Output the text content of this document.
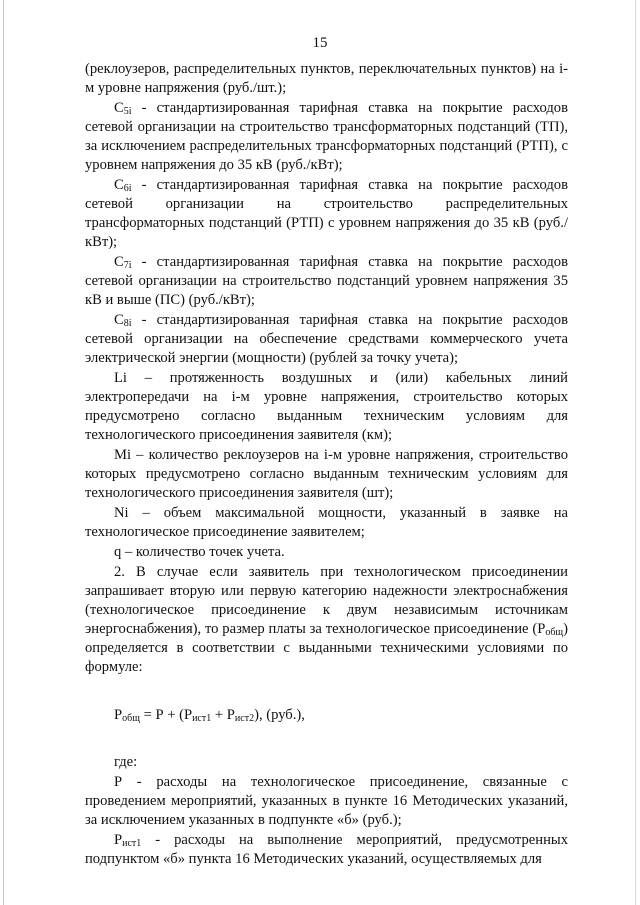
15

(реклоузеров, распределительных пунктов, переключательных пунктов) на i-м уровне напряжения (руб./шт.);

$С_{5i}$ - стандартизированная тарифная ставка на покрытие расходов сетевой организации на строительство трансформаторных подстанций (ТП), за исключением распределительных трансформаторных подстанций (РТП), с уровнем напряжения до 35 кВ (руб./кВт);

$С_{6i}$ - стандартизированная тарифная ставка на покрытие расходов сетевой организации на строительство распределительных трансформаторных подстанций (РТП) с уровнем напряжения до 35 кВ (руб./кВт);

$С_{7i}$ - стандартизированная тарифная ставка на покрытие расходов сетевой организации на строительство подстанций уровнем напряжения 35 кВ и выше (ПС) (руб./кВт);

$С_{8i}$ - стандартизированная тарифная ставка на покрытие расходов сетевой организации на обеспечение средствами коммерческого учета электрической энергии (мощности) (рублей за точку учета);

Li – протяженность воздушных и (или) кабельных линий электропередачи на i-м уровне напряжения, строительство которых предусмотрено согласно выданным техническим условиям для технологического присоединения заявителя (км);

Mi – количество реклоузеров на i-м уровне напряжения, строительство которых предусмотрено согласно выданным техническим условиям для технологического присоединения заявителя (шт);

Ni – объем максимальной мощности, указанный в заявке на технологическое присоединение заявителем;

q – количество точек учета.

2. В случае если заявитель при технологическом присоединении запрашивает вторую или первую категорию надежности электроснабжения (технологическое присоединение к двум независимым источникам энергоснабжения), то размер платы за технологическое присоединение $(Р_{общ})$ определяется в соответствии с выданными техническими условиями по формуле:

$Р_{общ} = Р + (Р_{ист1} + Р_{ист2})$, (руб.),

где:

Р - расходы на технологическое присоединение, связанные с проведением мероприятий, указанных в пункте 16 Методических указаний, за исключением указанных в подпункте «б» (руб.);

$Р_{ист1}$ - расходы на выполнение мероприятий, предусмотренных подпунктом «б» пункта 16 Методических указаний, осуществляемых для
